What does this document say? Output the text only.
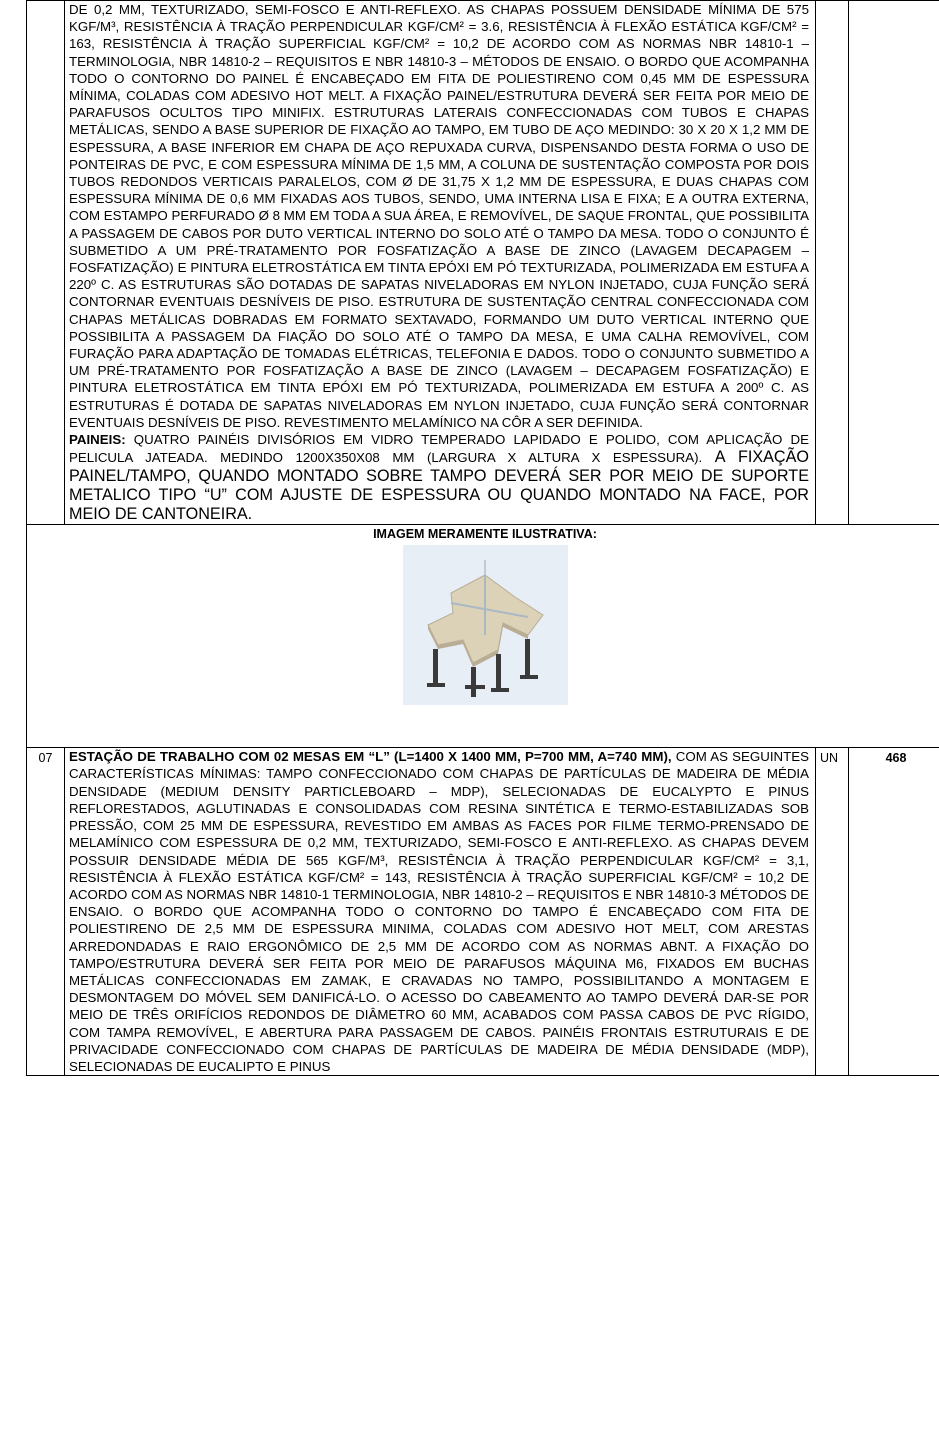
	DE 0,2 MM, TEXTURIZADO, SEMI-FOSCO E ANTI-REFLEXO. AS CHAPAS POSSUEM DENSIDADE MÍNIMA DE 575 KGF/M³, RESISTÊNCIA À TRAÇÃO PERPENDICULAR KGF/CM² = 3.6, RESISTÊNCIA À FLEXÃO ESTÁTICA KGF/CM² = 163, RESISTÊNCIA À TRAÇÃO SUPERFICIAL KGF/CM² = 10,2 DE ACORDO COM AS NORMAS NBR 14810-1 – TERMINOLOGIA, NBR 14810-2 – REQUISITOS E NBR 14810-3 – MÉTODOS DE ENSAIO. O BORDO QUE ACOMPANHA TODO O CONTORNO DO PAINEL É ENCABEÇADO EM FITA DE POLIESTIRENO COM 0,45 MM DE ESPESSURA MÍNIMA, COLADAS COM ADESIVO HOT MELT. A FIXAÇÃO PAINEL/ESTRUTURA DEVERÁ SER FEITA POR MEIO DE PARAFUSOS OCULTOS TIPO MINIFIX. ESTRUTURAS LATERAIS CONFECCIONADAS COM TUBOS E CHAPAS METÁLICAS, SENDO A BASE SUPERIOR DE FIXAÇÃO AO TAMPO, EM TUBO DE AÇO MEDINDO: 30 X 20 X 1,2 MM DE ESPESSURA, A BASE INFERIOR EM CHAPA DE AÇO REPUXADA CURVA, DISPENSANDO DESTA FORMA O USO DE PONTEIRAS DE PVC, E COM ESPESSURA MÍNIMA DE 1,5 MM, A COLUNA DE SUSTENTAÇÃO COMPOSTA POR DOIS TUBOS REDONDOS VERTICAIS PARALELOS, COM Ø DE 31,75 X 1,2 MM DE ESPESSURA, E DUAS CHAPAS COM ESPESSURA MÍNIMA DE 0,6 MM FIXADAS AOS TUBOS, SENDO, UMA INTERNA LISA E FIXA; E A OUTRA EXTERNA, COM ESTAMPO PERFURADO Ø 8 MM EM TODA A SUA ÁREA, E REMOVÍVEL, DE SAQUE FRONTAL, QUE POSSIBILITA A PASSAGEM DE CABOS POR DUTO VERTICAL INTERNO DO SOLO ATÉ O TAMPO DA MESA. TODO O CONJUNTO É SUBMETIDO A UM PRÉ-TRATAMENTO POR FOSFATIZAÇÃO A BASE DE ZINCO (LAVAGEM DECAPAGEM – FOSFATIZAÇÃO) E PINTURA ELETROSTÁTICA EM TINTA EPÓXI EM PÓ TEXTURIZADA, POLIMERIZADA EM ESTUFA A 220º C. AS ESTRUTURAS SÃO DOTADAS DE SAPATAS NIVELADORAS EM NYLON INJETADO, CUJA FUNÇÃO SERÁ CONTORNAR EVENTUAIS DESNÍVEIS DE PISO. ESTRUTURA DE SUSTENTAÇÃO CENTRAL CONFECCIONADA COM CHAPAS METÁLICAS DOBRADAS EM FORMATO SEXTAVADO, FORMANDO UM DUTO VERTICAL INTERNO QUE POSSIBILITA A PASSAGEM DA FIAÇÃO DO SOLO ATÉ O TAMPO DA MESA, E UMA CALHA REMOVÍVEL, COM FURAÇÃO PARA ADAPTAÇÃO DE TOMADAS ELÉTRICAS, TELEFONIA E DADOS. TODO O CONJUNTO SUBMETIDO A UM PRÉ-TRATAMENTO POR FOSFATIZAÇÃO A BASE DE ZINCO (LAVAGEM – DECAPAGEM FOSFATIZAÇÃO) E PINTURA ELETROSTÁTICA EM TINTA EPÓXI EM PÓ TEXTURIZADA, POLIMERIZADA EM ESTUFA A 200º C. AS ESTRUTURAS É DOTADA DE SAPATAS NIVELADORAS EM NYLON INJETADO, CUJA FUNÇÃO SERÁ CONTORNAR EVENTUAIS DESNÍVEIS DE PISO. REVESTIMENTO MELAMÍNICO NA CÔR A SER DEFINIDA.

PAINEIS: QUATRO PAINÉIS DIVISÓRIOS EM VIDRO TEMPERADO LAPIDADO E POLIDO, COM APLICAÇÃO DE PELICULA JATEADA. MEDINDO 1200X350X08 MM (LARGURA X ALTURA X ESPESSURA). A FIXAÇÃO PAINEL/TAMPO, QUANDO MONTADO SOBRE TAMPO DEVERÁ SER POR MEIO DE SUPORTE METALICO TIPO “U” COM AJUSTE DE ESPESSURA OU QUANDO MONTADO NA FACE, POR MEIO DE CANTONEIRA.		

IMAGEM MERAMENTE ILUSTRATIVA:			

07	ESTAÇÃO DE TRABALHO COM 02 MESAS EM “L” (L=1400 X 1400 MM, P=700 MM, A=740 MM), COM AS SEGUINTES CARACTERÍSTICAS MÍNIMAS: TAMPO CONFECCIONADO COM CHAPAS DE PARTÍCULAS DE MADEIRA DE MÉDIA DENSIDADE (MEDIUM DENSITY PARTICLEBOARD – MDP), SELECIONADAS DE EUCALYPTO E PINUS REFLORESTADOS, AGLUTINADAS E CONSOLIDADAS COM RESINA SINTÉTICA E TERMO-ESTABILIZADAS SOB PRESSÃO, COM 25 MM DE ESPESSURA, REVESTIDO EM AMBAS AS FACES POR FILME TERMO-PRENSADO DE MELAMÍNICO COM ESPESSURA DE 0,2 MM, TEXTURIZADO, SEMI-FOSCO E ANTI-REFLEXO. AS CHAPAS DEVEM POSSUIR DENSIDADE MÉDIA DE 565 KGF/M³, RESISTÊNCIA À TRAÇÃO PERPENDICULAR KGF/CM² = 3,1, RESISTÊNCIA À FLEXÃO ESTÁTICA KGF/CM² = 143, RESISTÊNCIA À TRAÇÃO SUPERFICIAL KGF/CM² = 10,2 DE ACORDO COM AS NORMAS NBR 14810-1 TERMINOLOGIA, NBR 14810-2 – REQUISITOS E NBR 14810-3 MÉTODOS DE ENSAIO. O BORDO QUE ACOMPANHA TODO O CONTORNO DO TAMPO É ENCABEÇADO COM FITA DE POLIESTIRENO DE 2,5 MM DE ESPESSURA MINIMA, COLADAS COM ADESIVO HOT MELT, COM ARESTAS ARREDONDADAS E RAIO ERGONÔMICO DE 2,5 MM DE ACORDO COM AS NORMAS ABNT. A FIXAÇÃO DO TAMPO/ESTRUTURA DEVERÁ SER FEITA POR MEIO DE PARAFUSOS MÁQUINA M6, FIXADOS EM BUCHAS METÁLICAS CONFECCIONADAS EM ZAMAK, E CRAVADAS NO TAMPO, POSSIBILITANDO A MONTAGEM E DESMONTAGEM DO MÓVEL SEM DANIFICÁ-LO. O ACESSO DO CABEAMENTO AO TAMPO DEVERÁ DAR-SE POR MEIO DE TRÊS ORIFÍCIOS REDONDOS DE DIÂMETRO 60 MM, ACABADOS COM PASSA CABOS DE PVC RÍGIDO, COM TAMPA REMOVÍVEL, E ABERTURA PARA PASSAGEM DE CABOS. PAINÉIS FRONTAIS ESTRUTURAIS E DE PRIVACIDADE CONFECCIONADO COM CHAPAS DE PARTÍCULAS DE MADEIRA DE MÉDIA DENSIDADE (MDP), SELECIONADAS DE EUCALIPTO E PINUS	UN	468
